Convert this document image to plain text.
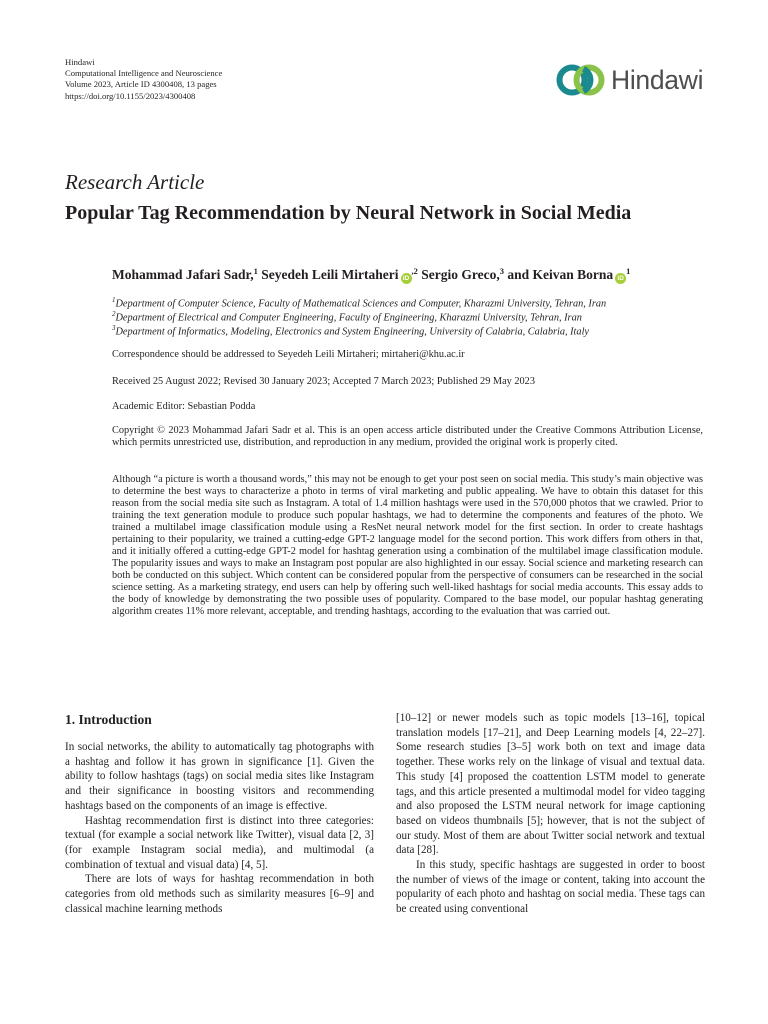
Hindawi
Computational Intelligence and Neuroscience
Volume 2023, Article ID 4300408, 13 pages
https://doi.org/10.1155/2023/4300408
Hindawi
Research Article
Popular Tag Recommendation by Neural Network in Social Media
Mohammad Jafari Sadr,$^1$ Seyedeh Leili Mirtaheri $iD^{,2}$ Sergio Greco,$^3$ and Keivan Borna $iD^1$
$^1$Department of Computer Science, Faculty of Mathematical Sciences and Computer, Kharazmi University, Tehran, Iran
$^2$Department of Electrical and Computer Engineering, Faculty of Engineering, Kharazmi University, Tehran, Iran
$^3$Department of Informatics, Modeling, Electronics and System Engineering, University of Calabria, Calabria, Italy
Correspondence should be addressed to Seyedeh Leili Mirtaheri; mirtaheri@khu.ac.ir
Received 25 August 2022; Revised 30 January 2023; Accepted 7 March 2023; Published 29 May 2023
Academic Editor: Sebastian Podda
Copyright © 2023 Mohammad Jafari Sadr et al. This is an open access article distributed under the Creative Commons Attribution License, which permits unrestricted use, distribution, and reproduction in any medium, provided the original work is properly cited.
Although “a picture is worth a thousand words,” this may not be enough to get your post seen on social media. This study’s main objective was to determine the best ways to characterize a photo in terms of viral marketing and public appealing. We have to obtain this dataset for this reason from the social media site such as Instagram. A total of 1.4 million hashtags were used in the 570,000 photos that we crawled. Prior to training the text generation module to produce such popular hashtags, we had to determine the components and features of the photo. We trained a multilabel image classification module using a ResNet neural network model for the first section. In order to create hashtags pertaining to their popularity, we trained a cutting-edge GPT-2 language model for the second portion. This work differs from others in that, and it initially offered a cutting-edge GPT-2 model for hashtag generation using a combination of the multilabel image classification module. The popularity issues and ways to make an Instagram post popular are also highlighted in our essay. Social science and marketing research can both be conducted on this subject. Which content can be considered popular from the perspective of consumers can be researched in the social science setting. As a marketing strategy, end users can help by offering such well-liked hashtags for social media accounts. This essay adds to the body of knowledge by demonstrating the two possible uses of popularity. Compared to the base model, our popular hashtag generating algorithm creates 11% more relevant, acceptable, and trending hashtags, according to the evaluation that was carried out.
1. Introduction

In social networks, the ability to automatically tag photographs with a hashtag and follow it has grown in significance [1]. Given the ability to follow hashtags (tags) on social media sites like Instagram and their significance in boosting visitors and recommending hashtags based on the components of an image is effective.

Hashtag recommendation first is distinct into three categories: textual (for example a social network like Twitter), visual data [2, 3] (for example Instagram social media), and multimodal (a combination of textual and visual data) [4, 5].

There are lots of ways for hashtag recommendation in both categories from old methods such as similarity measures [6–9] and classical machine learning methods

[10–12] or newer models such as topic models [13–16], topical translation models [17–21], and Deep Learning models [4, 22–27]. Some research studies [3–5] work both on text and image data together. These works rely on the linkage of visual and textual data. This study [4] proposed the coattention LSTM model to generate tags, and this article presented a multimodal model for video tagging and also proposed the LSTM neural network for image captioning based on videos thumbnails [5]; however, that is not the subject of our study. Most of them are about Twitter social network and textual data [28].

In this study, specific hashtags are suggested in order to boost the number of views of the image or content, taking into account the popularity of each photo and hashtag on social media. These tags can be created using conventional
